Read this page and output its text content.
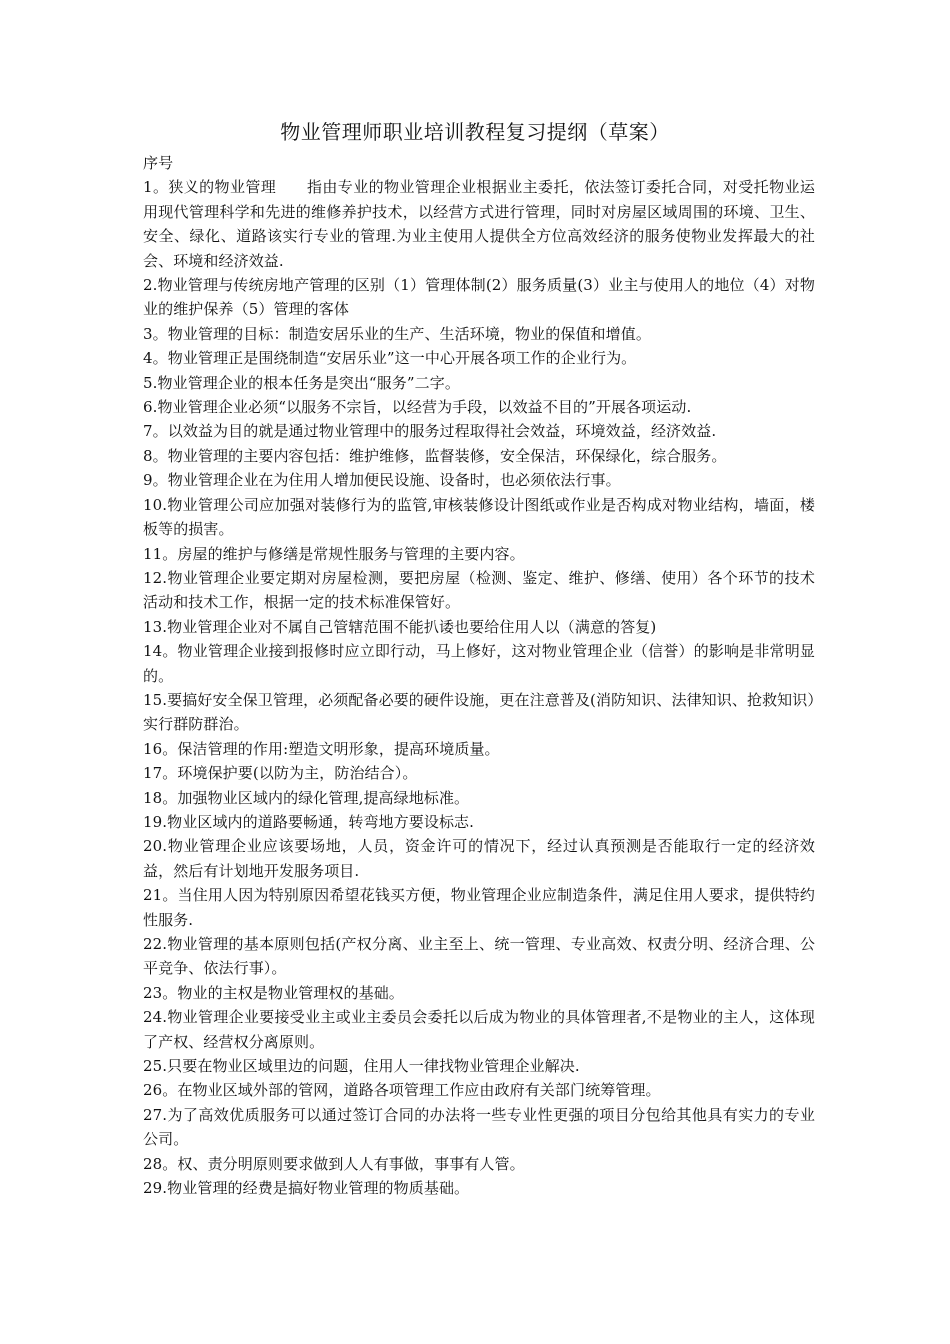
物业管理师职业培训教程复习提纲（草案）

序号

1。狭义的物业管理　　指由专业的物业管理企业根据业主委托，依法签订委托合同，对受托物业运用现代管理科学和先进的维修养护技术，以经营方式进行管理，同时对房屋区域周围的环境、卫生、安全、绿化、道路该实行专业的管理.为业主使用人提供全方位高效经济的服务使物业发挥最大的社会、环境和经济效益.

2.物业管理与传统房地产管理的区别（1）管理体制(2）服务质量(3）业主与使用人的地位（4）对物业的维护保养（5）管理的客体

3。物业管理的目标：制造安居乐业的生产、生活环境，物业的保值和增值。

4。物业管理正是围绕制造“安居乐业”这一中心开展各项工作的企业行为。

5.物业管理企业的根本任务是突出“服务”二字。

6.物业管理企业必须“以服务不宗旨，以经营为手段，以效益不目的”开展各项运动.

7。以效益为目的就是通过物业管理中的服务过程取得社会效益，环境效益，经济效益.

8。物业管理的主要内容包括：维护维修，监督装修，安全保洁，环保绿化，综合服务。

9。物业管理企业在为住用人增加便民设施、设备时，也必须依法行事。

10.物业管理公司应加强对装修行为的监管,审核装修设计图纸或作业是否构成对物业结构，墙面，楼板等的损害。

11。房屋的维护与修缮是常规性服务与管理的主要内容。

12.物业管理企业要定期对房屋检测，要把房屋（检测、鉴定、维护、修缮、使用）各个环节的技术活动和技术工作，根据一定的技术标准保管好。

13.物业管理企业对不属自己管辖范围不能扒诿也要给住用人以（满意的答复)

14。物业管理企业接到报修时应立即行动，马上修好，这对物业管理企业（信誉）的影响是非常明显的。

15.要搞好安全保卫管理，必须配备必要的硬件设施，更在注意普及(消防知识、法律知识、抢救知识）实行群防群治。

16。保洁管理的作用:塑造文明形象，提高环境质量。

17。环境保护要(以防为主，防治结合）。

18。加强物业区域内的绿化管理,提高绿地标准。

19.物业区域内的道路要畅通，转弯地方要设标志.

20.物业管理企业应该要场地，人员，资金许可的情况下，经过认真预测是否能取行一定的经济效益，然后有计划地开发服务项目.

21。当住用人因为特别原因希望花钱买方便，物业管理企业应制造条件，满足住用人要求，提供特约性服务.

22.物业管理的基本原则包括(产权分离、业主至上、统一管理、专业高效、权责分明、经济合理、公平竞争、依法行事）。

23。物业的主权是物业管理权的基础。

24.物业管理企业要接受业主或业主委员会委托以后成为物业的具体管理者,不是物业的主人，这体现了产权、经营权分离原则。

25.只要在物业区域里边的问题，住用人一律找物业管理企业解决.

26。在物业区域外部的管网，道路各项管理工作应由政府有关部门统筹管理。

27.为了高效优质服务可以通过签订合同的办法将一些专业性更强的项目分包给其他具有实力的专业公司。

28。权、责分明原则要求做到人人有事做，事事有人管。

29.物业管理的经费是搞好物业管理的物质基础。
